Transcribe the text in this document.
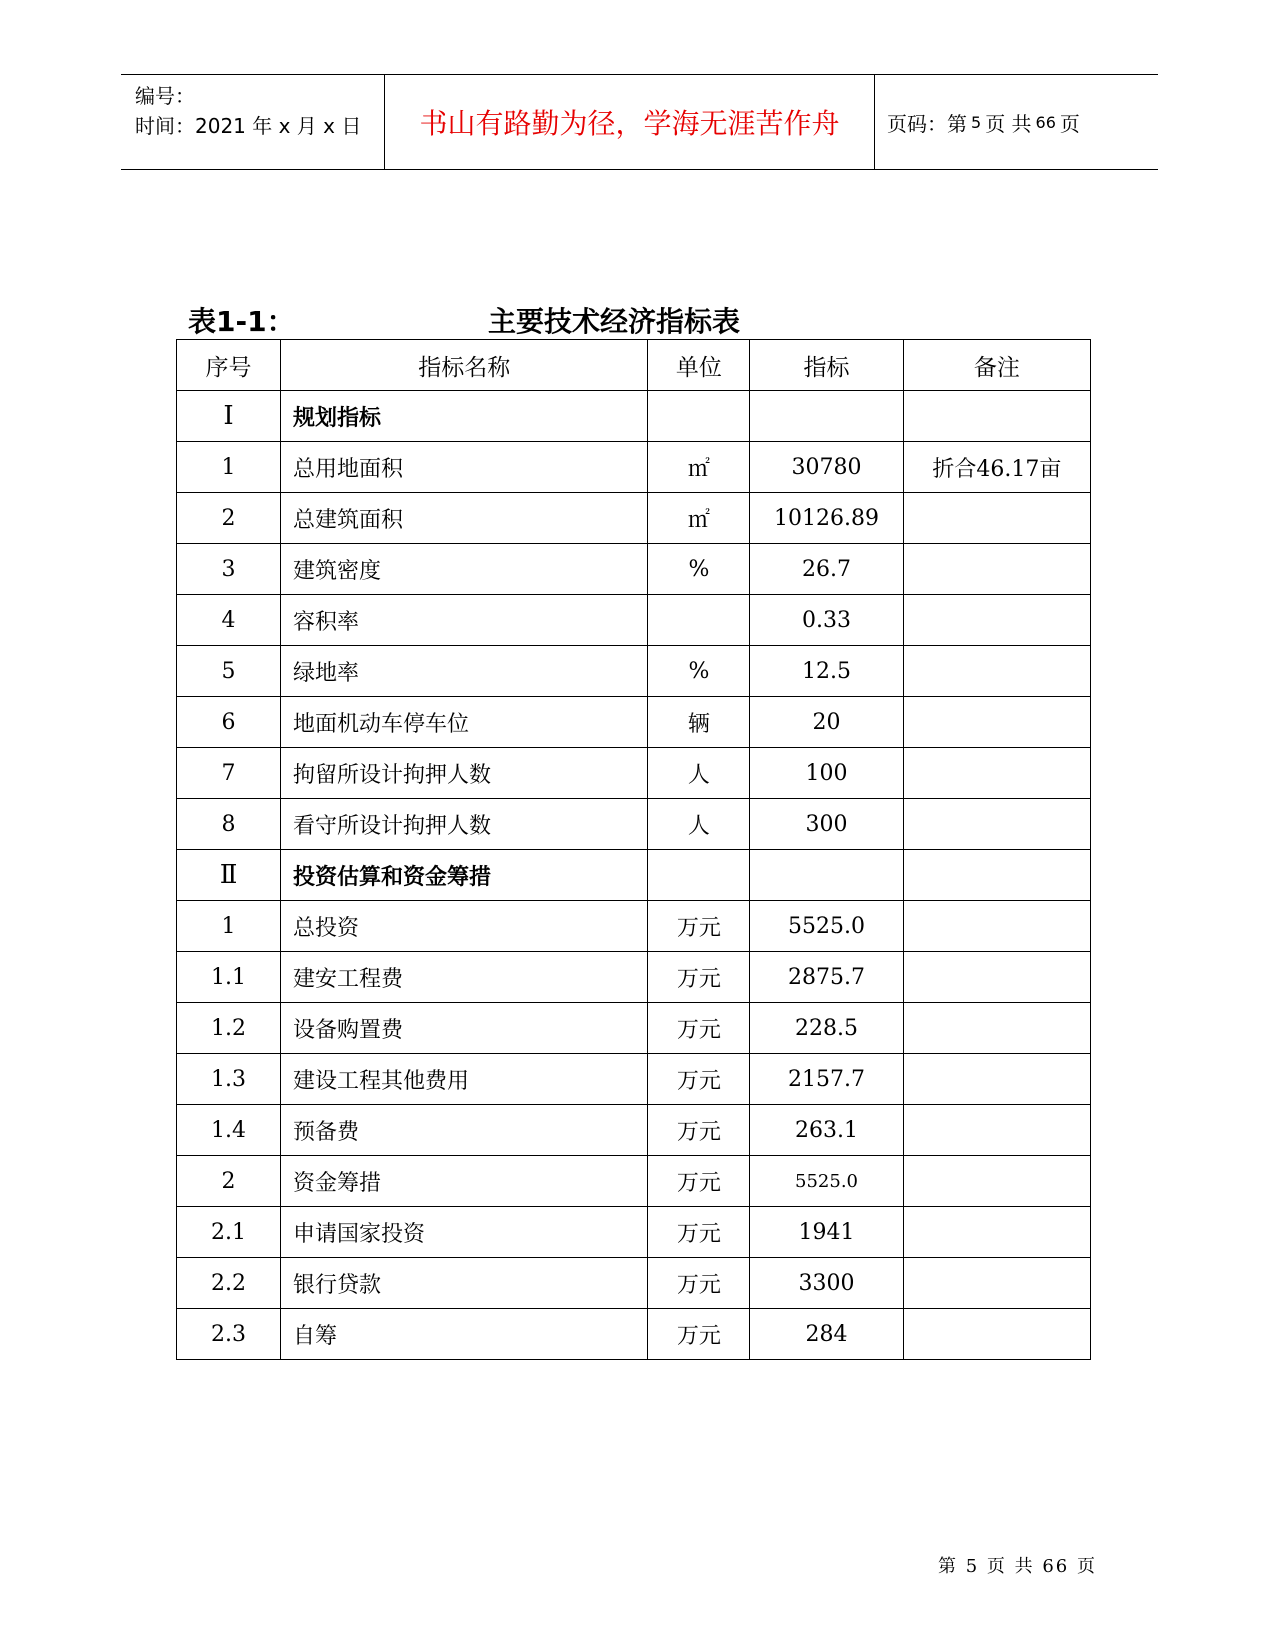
编号：
时间：2021 年 x 月 x 日	书山有路勤为径，学海无涯苦作舟	页码：第 5 页 共 66 页
表1-1：	主要技术经济指标表
序号	指标名称	单位	指标	备注
Ⅰ	规划指标			
1	总用地面积	㎡	30780	折合46.17亩
2	总建筑面积	㎡	10126.89	
3	建筑密度	%	26.7	
4	容积率		0.33	
5	绿地率	%	12.5	
6	地面机动车停车位	辆	20	
7	拘留所设计拘押人数	人	100	
8	看守所设计拘押人数	人	300	
Ⅱ	投资估算和资金筹措			
1	总投资	万元	5525.0	
1.1	建安工程费	万元	2875.7	
1.2	设备购置费	万元	228.5	
1.3	建设工程其他费用	万元	2157.7	
1.4	预备费	万元	263.1	
2	资金筹措	万元	5525.0	
2.1	申请国家投资	万元	1941	
2.2	银行贷款	万元	3300	
2.3	自筹	万元	284	
第 5 页 共 66 页
